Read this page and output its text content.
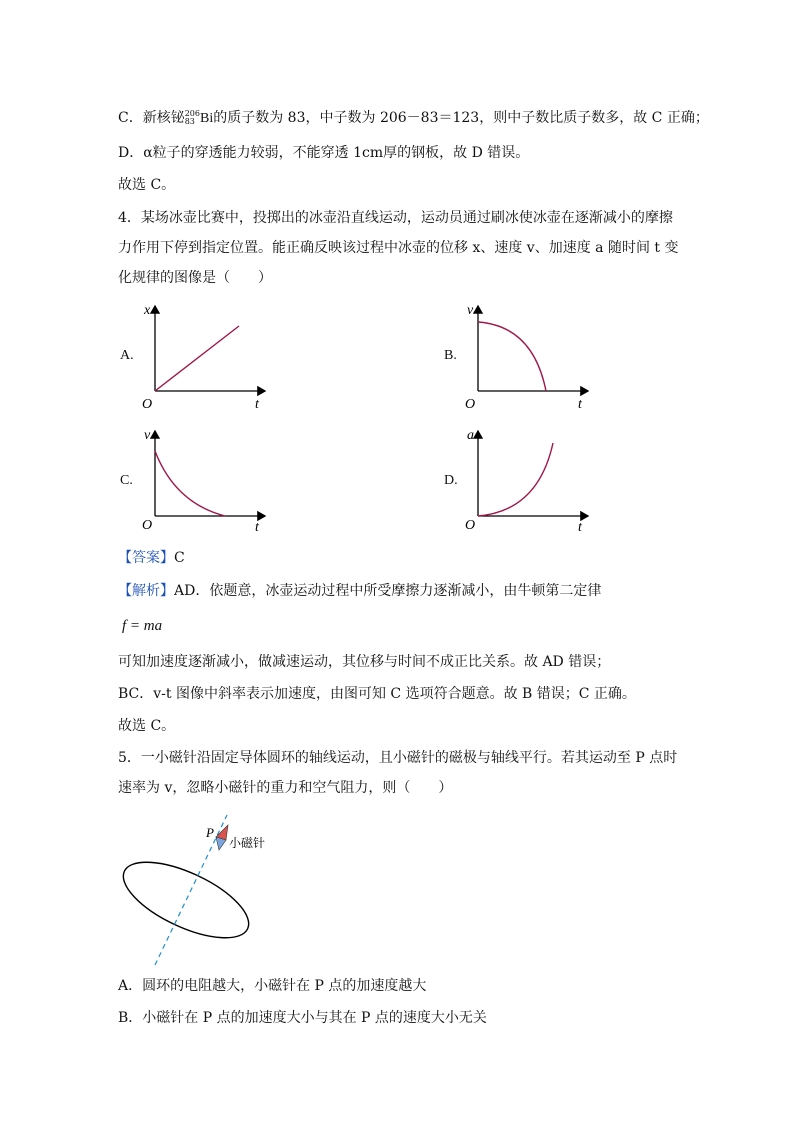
C．新核铋 206
83 Bi的质子数为 83，中子数为 206－83＝123，则中子数比质子数多，故 C 正确；
D．α粒子的穿透能力较弱，不能穿透 1cm厚的钢板，故 D 错误。
故选 C。
4．某场冰壶比赛中，投掷出的冰壶沿直线运动，运动员通过刷冰使冰壶在逐渐减小的摩擦
力作用下停到指定位置。能正确反映该过程中冰壶的位移 x、速度 v、加速度 a 随时间 t 变
化规律的图像是（　　）
A.
O
x
t
B.
O
v
t
C.
O
v
t
D.
O
a
t
【答案】C
【解析】AD．依题意，冰壶运动过程中所受摩擦力逐渐减小，由牛顿第二定律
f = ma
可知加速度逐渐减小，做减速运动，其位移与时间不成正比关系。故 AD 错误；
BC．v-t 图像中斜率表示加速度，由图可知 C 选项符合题意。故 B 错误；C 正确。
故选 C。
5．一小磁针沿固定导体圆环的轴线运动，且小磁针的磁极与轴线平行。若其运动至 P 点时
速率为 v，忽略小磁针的重力和空气阻力，则（　　）
P
小磁针
A．圆环的电阻越大，小磁针在 P 点的加速度越大
B．小磁针在 P 点的加速度大小与其在 P 点的速度大小无关
